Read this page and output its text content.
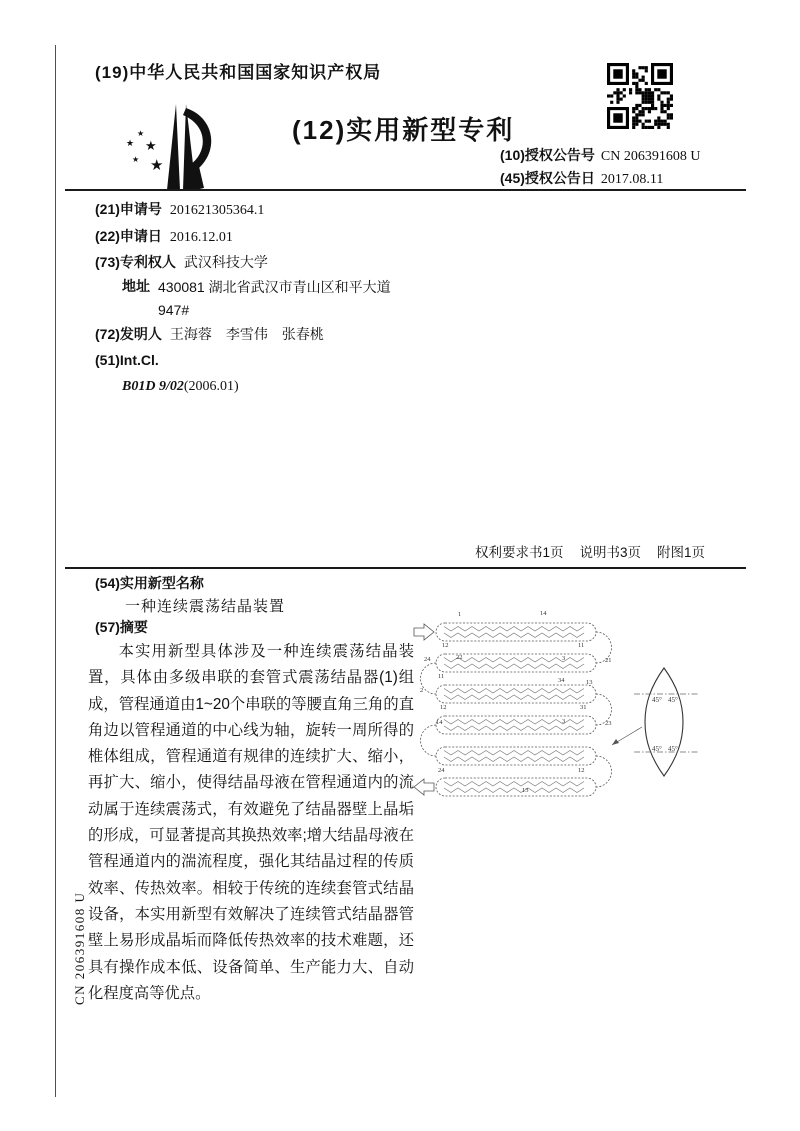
(19)中华人民共和国国家知识产权局
★
★
★
★ ★
(12)实用新型专利
(10)授权公告号 CN 206391608 U
(45)授权公告日 2017.08.11
(21)申请号 201621305364.1
(22)申请日 2016.12.01
(73)专利权人 武汉科技大学
地址 430081 湖北省武汉市青山区和平大道947#
(72)发明人 王海蓉　李雪伟　张春桃
(51)Int.Cl.
B01D 9/02(2006.01)
权利要求书1页 说明书3页 附图1页
(54)实用新型名称
一种连续震荡结晶装置
(57)摘要
本实用新型具体涉及一种连续震荡结晶装置，具体由多级串联的套管式震荡结晶器(1)组成，管程通道由1~20个串联的等腰直角三角的直角边以管程通道的中心线为轴，旋转一周所得的椎体组成，管程通道有规律的连续扩大、缩小，再扩大、缩小，使得结晶母液在管程通道内的流动属于连续震荡式，有效避免了结晶器壁上晶垢的形成，可显著提高其换热效率;增大结晶母液在管程通道内的湍流程度，强化其结晶过程的传质效率、传热效率。相较于传统的连续套管式结晶设备，本实用新型有效解决了连续管式结晶器管壁上易形成晶垢而降低传热效率的技术难题，还具有操作成本低、设备简单、生产能力大、自动化程度高等优点。
1	14
12	11
24	22	3	21
11
13
2
34
12	31
14	3	23
24	12
13
45° 45°
45° 45°
CN 206391608 U
